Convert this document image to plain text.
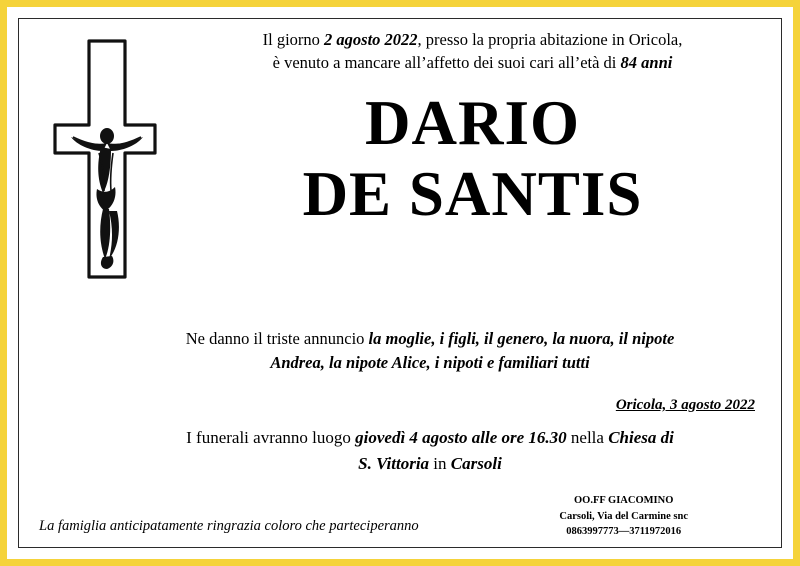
Il giorno 2 agosto 2022, presso la propria abitazione in Oricola,
è venuto a mancare all’affetto dei suoi cari all’età di 84 anni
DARIO
DE SANTIS
Ne danno il triste annuncio la moglie, i figli, il genero, la nuora, il nipote
Andrea, la nipote Alice, i nipoti e familiari tutti
Oricola, 3 agosto 2022
I funerali avranno luogo giovedì 4 agosto alle ore 16.30 nella Chiesa di
S. Vittoria in Carsoli
La famiglia anticipatamente ringrazia coloro che parteciperanno
OO.FF GIACOMINO
Carsoli, Via del Carmine snc
0863997773—3711972016
